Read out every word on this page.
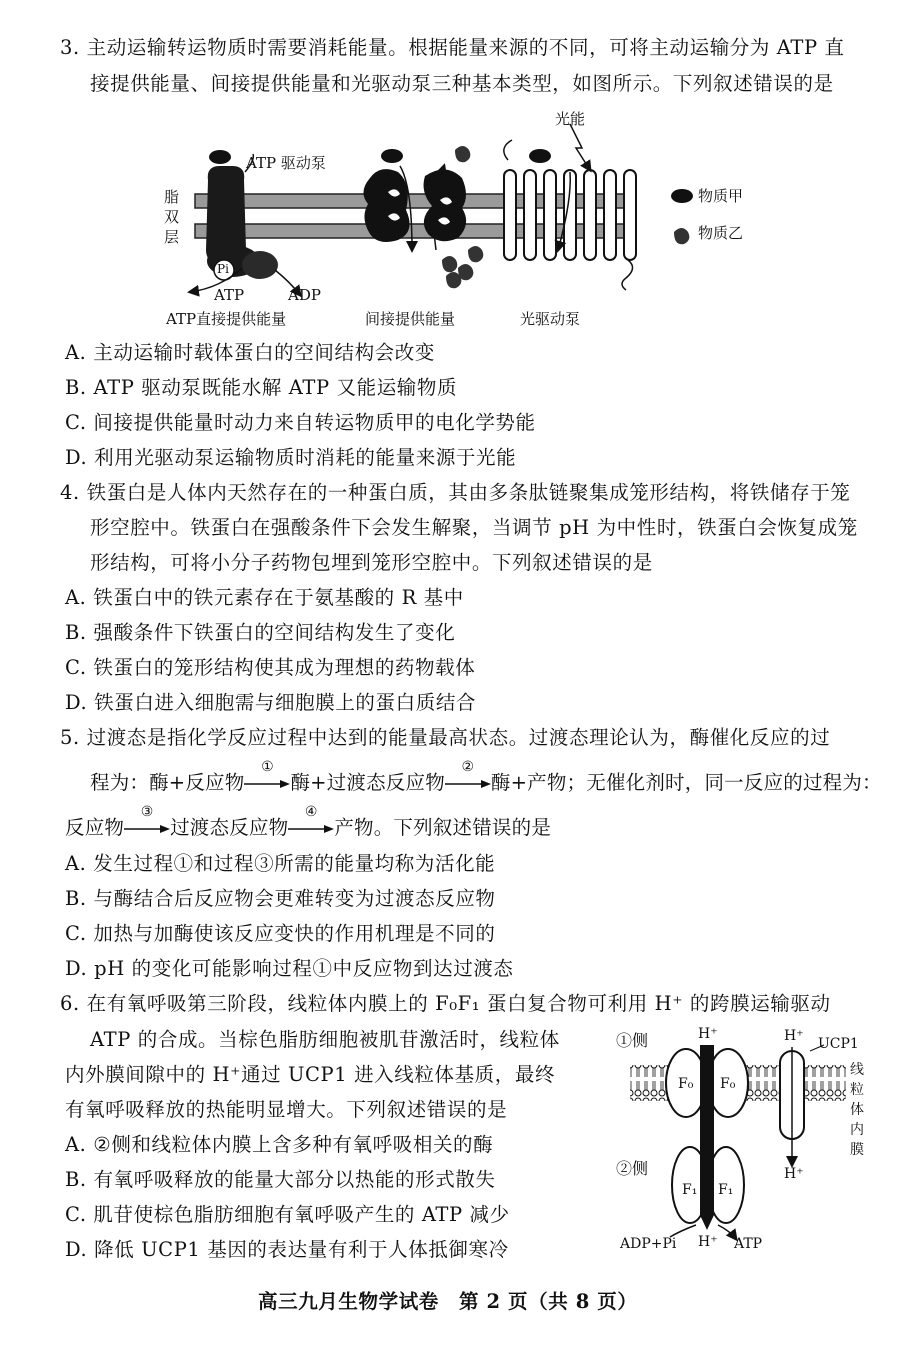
3. 主动运输转运物质时需要消耗能量。根据能量来源的不同，可将主动运输分为 ATP 直
接提供能量、间接提供能量和光驱动泵三种基本类型，如图所示。下列叙述错误的是
光能
ATP 驱动泵
脂
双
层
Pi
ATP	ADP
ATP直接提供能量	间接提供能量	光驱动泵
物质甲
物质乙
A. 主动运输时载体蛋白的空间结构会改变
B. ATP 驱动泵既能水解 ATP 又能运输物质
C. 间接提供能量时动力来自转运物质甲的电化学势能
D. 利用光驱动泵运输物质时消耗的能量来源于光能
4. 铁蛋白是人体内天然存在的一种蛋白质，其由多条肽链聚集成笼形结构，将铁储存于笼
形空腔中。铁蛋白在强酸条件下会发生解聚，当调节 pH 为中性时，铁蛋白会恢复成笼
形结构，可将小分子药物包埋到笼形空腔中。下列叙述错误的是
A. 铁蛋白中的铁元素存在于氨基酸的 R 基中
B. 强酸条件下铁蛋白的空间结构发生了变化
C. 铁蛋白的笼形结构使其成为理想的药物载体
D. 铁蛋白进入细胞需与细胞膜上的蛋白质结合
5. 过渡态是指化学反应过程中达到的能量最高状态。过渡态理论认为，酶催化反应的过
程为：酶+反应物
①
酶+过渡态反应物
②
酶+产物；无催化剂时，同一反应的过程为：
反应物
③
过渡态反应物
④
产物。下列叙述错误的是
A. 发生过程①和过程③所需的能量均称为活化能
B. 与酶结合后反应物会更难转变为过渡态反应物
C. 加热与加酶使该反应变快的作用机理是不同的
D. pH 的变化可能影响过程①中反应物到达过渡态
6. 在有氧呼吸第三阶段，线粒体内膜上的 F₀F₁ 蛋白复合物可利用 H⁺ 的跨膜运输驱动
ATP 的合成。当棕色脂肪细胞被肌苷激活时，线粒体
内外膜间隙中的 H⁺通过 UCP1 进入线粒体基质，最终
有氧呼吸释放的热能明显增大。下列叙述错误的是
A. ②侧和线粒体内膜上含多种有氧呼吸相关的酶
B. 有氧呼吸释放的能量大部分以热能的形式散失
C. 肌苷使棕色脂肪细胞有氧呼吸产生的 ATP 减少
D. 降低 UCP1 基因的表达量有利于人体抵御寒冷
①侧	H⁺	H⁺ UCP1
线
粒
体
内
膜
F₀ F₀
②侧
F₁ F₁
H⁺
ADP+Pi H⁺ ATP
高三九月生物学试卷　第 2 页（共 8 页）
